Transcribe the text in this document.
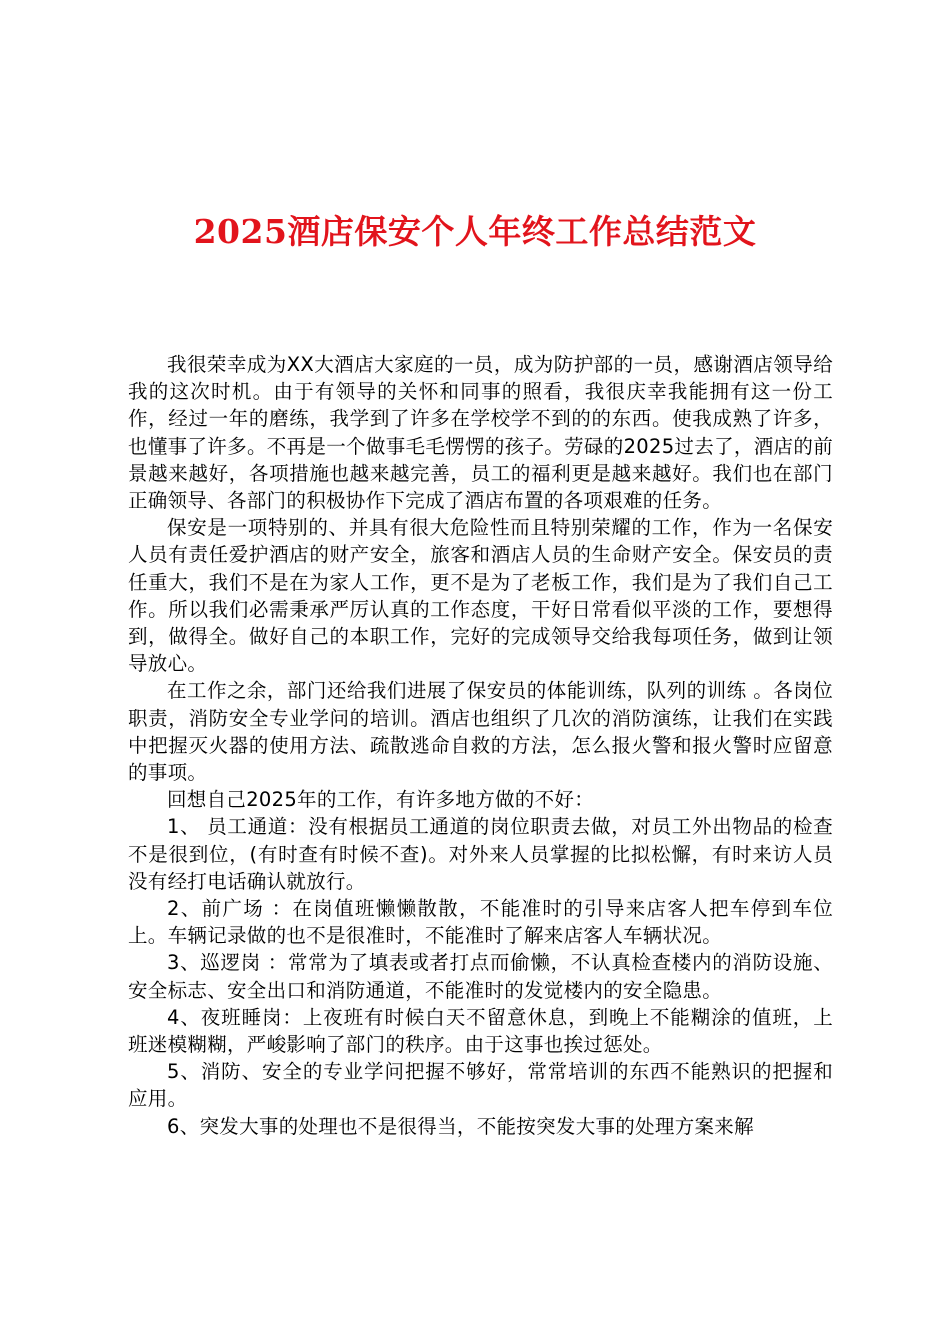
2025酒店保安个人年终工作总结范文

我很荣幸成为XX大酒店大家庭的一员，成为防护部的一员，感谢酒店领导给我的这次时机。由于有领导的关怀和同事的照看，我很庆幸我能拥有这一份工作，经过一年的磨练，我学到了许多在学校学不到的的东西。使我成熟了许多，也懂事了许多。不再是一个做事毛毛愣愣的孩子。劳碌的2025过去了，酒店的前景越来越好，各项措施也越来越完善，员工的福利更是越来越好。我们也在部门正确领导、各部门的积极协作下完成了酒店布置的各项艰难的任务。

保安是一项特别的、并具有很大危险性而且特别荣耀的工作，作为一名保安人员有责任爱护酒店的财产安全，旅客和酒店人员的生命财产安全。保安员的责任重大，我们不是在为家人工作，更不是为了老板工作，我们是为了我们自己工作。所以我们必需秉承严厉认真的工作态度，干好日常看似平淡的工作，要想得到，做得全。做好自己的本职工作，完好的完成领导交给我每项任务，做到让领导放心。

在工作之余，部门还给我们进展了保安员的体能训练，队列的训练 。各岗位职责，消防安全专业学问的培训。酒店也组织了几次的消防演练，让我们在实践中把握灭火器的使用方法、疏散逃命自救的方法，怎么报火警和报火警时应留意的事项。

回想自己2025年的工作，有许多地方做的不好：

1、 员工通道：没有根据员工通道的岗位职责去做，对员工外出物品的检查不是很到位，(有时查有时候不查)。对外来人员掌握的比拟松懈，有时来访人员没有经打电话确认就放行。

2、前广场 ：在岗值班懒懒散散，不能准时的引导来店客人把车停到车位上。车辆记录做的也不是很准时，不能准时了解来店客人车辆状况。

3、巡逻岗 ：常常为了填表或者打点而偷懒，不认真检查楼内的消防设施、安全标志、安全出口和消防通道，不能准时的发觉楼内的安全隐患。

4、夜班睡岗：上夜班有时候白天不留意休息，到晚上不能糊涂的值班，上班迷模糊糊，严峻影响了部门的秩序。由于这事也挨过惩处。

5、消防、安全的专业学问把握不够好，常常培训的东西不能熟识的把握和应用。

6、突发大事的处理也不是很得当，不能按突发大事的处理方案来解
